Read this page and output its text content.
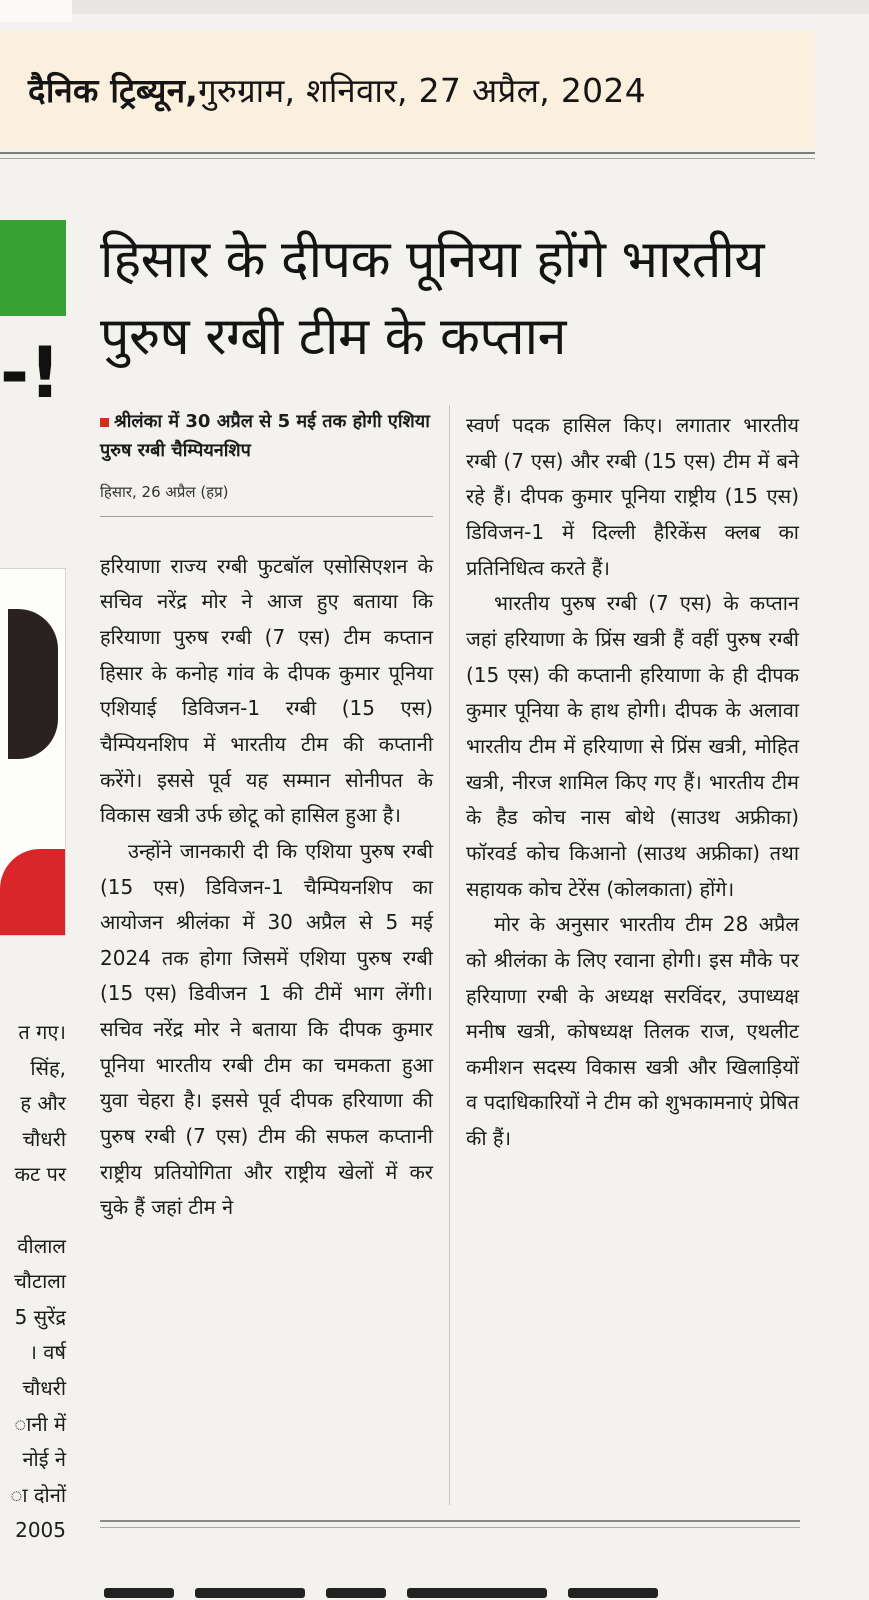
दैनिक ट्रिब्यून, गुरुग्राम, शनिवार, 27 अप्रैल, 2024
-!
त गए।
सिंह,
ह और
चौधरी
कट पर
वीलाल
चौटाला
5 सुरेंद्र
। वर्ष
चौधरी
ानी में
नोई ने
ा दोनों
2005
हिसार के दीपक पूनिया होंगे भारतीय पुरुष रग्बी टीम के कप्तान

श्रीलंका में 30 अप्रैल से 5 मई तक होगी एशिया पुरुष रग्बी चैम्पियनशिप

हिसार, 26 अप्रैल (हप्र)

हरियाणा राज्य रग्बी फुटबॉल एसोसिएशन के सचिव नरेंद्र मोर ने आज हुए बताया कि हरियाणा पुरुष रग्बी (7 एस) टीम कप्तान हिसार के कनोह गांव के दीपक कुमार पूनिया एशियाई डिविजन-1 रग्बी (15 एस) चैम्पियनशिप में भारतीय टीम की कप्तानी करेंगे। इससे पूर्व यह सम्मान सोनीपत के विकास खत्री उर्फ छोटू को हासिल हुआ है।

उन्होंने जानकारी दी कि एशिया पुरुष रग्बी (15 एस) डिविजन-1 चैम्पियनशिप का आयोजन श्रीलंका में 30 अप्रैल से 5 मई 2024 तक होगा जिसमें एशिया पुरुष रग्बी (15 एस) डिवीजन 1 की टीमें भाग लेंगी। सचिव नरेंद्र मोर ने बताया कि दीपक कुमार पूनिया भारतीय रग्बी टीम का चमकता हुआ युवा चेहरा है। इससे पूर्व दीपक हरियाणा की पुरुष रग्बी (7 एस) टीम की सफल कप्तानी राष्ट्रीय प्रतियोगिता और राष्ट्रीय खेलों में कर चुके हैं जहां टीम ने

स्वर्ण पदक हासिल किए। लगातार भारतीय रग्बी (7 एस) और रग्बी (15 एस) टीम में बने रहे हैं। दीपक कुमार पूनिया राष्ट्रीय (15 एस) डिविजन-1 में दिल्ली हैरिकेंस क्लब का प्रतिनिधित्व करते हैं।

भारतीय पुरुष रग्बी (7 एस) के कप्तान जहां हरियाणा के प्रिंस खत्री हैं वहीं पुरुष रग्बी (15 एस) की कप्तानी हरियाणा के ही दीपक कुमार पूनिया के हाथ होगी। दीपक के अलावा भारतीय टीम में हरियाणा से प्रिंस खत्री, मोहित खत्री, नीरज शामिल किए गए हैं। भारतीय टीम के हैड कोच नास बोथे (साउथ अफ्रीका) फॉरवर्ड कोच किआनो (साउथ अफ्रीका) तथा सहायक कोच टेरेंस (कोलकाता) होंगे।

मोर के अनुसार भारतीय टीम 28 अप्रैल को श्रीलंका के लिए रवाना होगी। इस मौके पर हरियाणा रग्बी के अध्यक्ष सरविंदर, उपाध्यक्ष मनीष खत्री, कोषध्यक्ष तिलक राज, एथलीट कमीशन सदस्य विकास खत्री और खिलाड़ियों व पदाधिकारियों ने टीम को शुभकामनाएं प्रेषित की हैं।
